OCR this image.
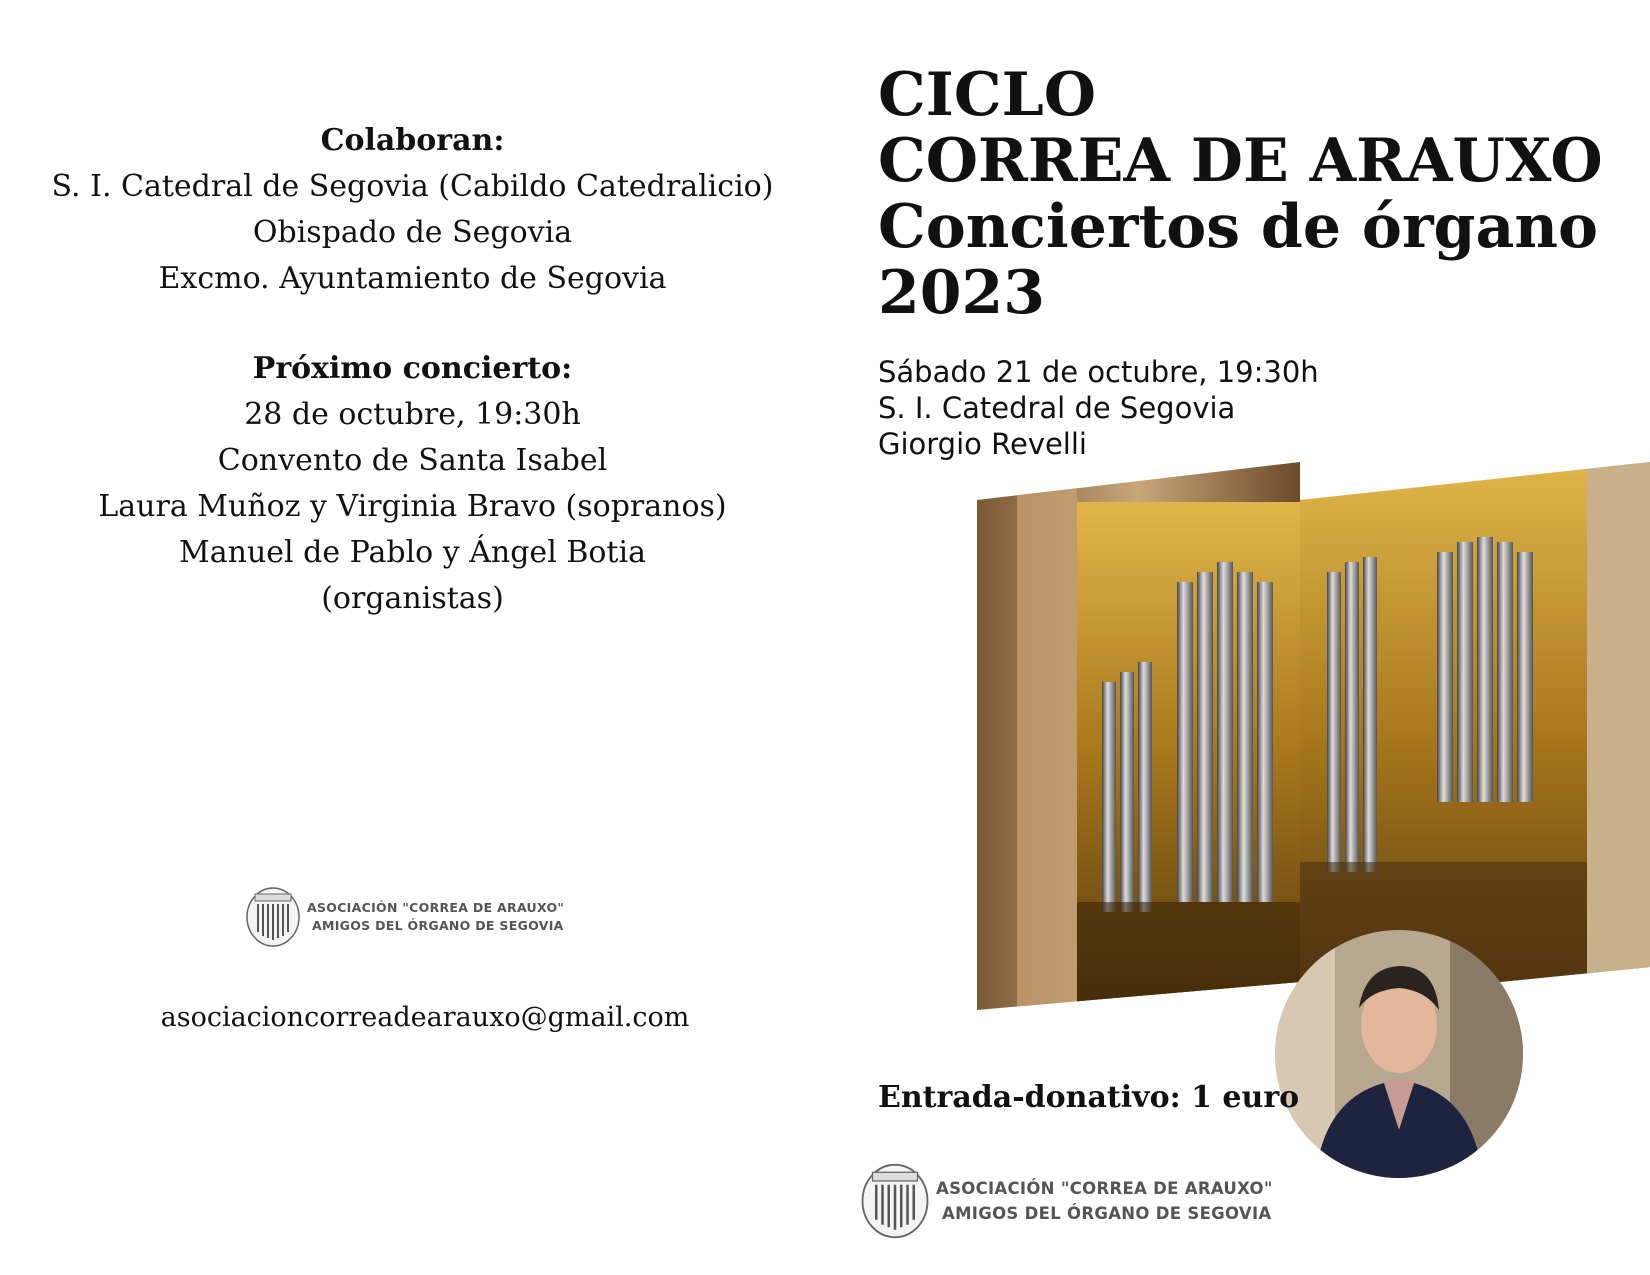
Colaboran:

S. I. Catedral de Segovia (Cabildo Catedralicio)

Obispado de Segovia

Excmo. Ayuntamiento de Segovia

Próximo concierto:

28 de octubre, 19:30h

Convento de Santa Isabel

Laura Muñoz y Virginia Bravo (sopranos)

Manuel de Pablo y Ángel Botia

(organistas)

ASOCIACIÓN "CORREA DE ARAUXO"
AMIGOS DEL ÓRGANO DE SEGOVIA
asociacioncorreadearauxo@gmail.com

CICLO

CORREA DE ARAUXO

Conciertos de órgano

2023

Sábado 21 de octubre, 19:30h

S. I. Catedral de Segovia

Giorgio Revelli

Entrada-donativo: 1 euro
ASOCIACIÓN "CORREA DE ARAUXO"
AMIGOS DEL ÓRGANO DE SEGOVIA
